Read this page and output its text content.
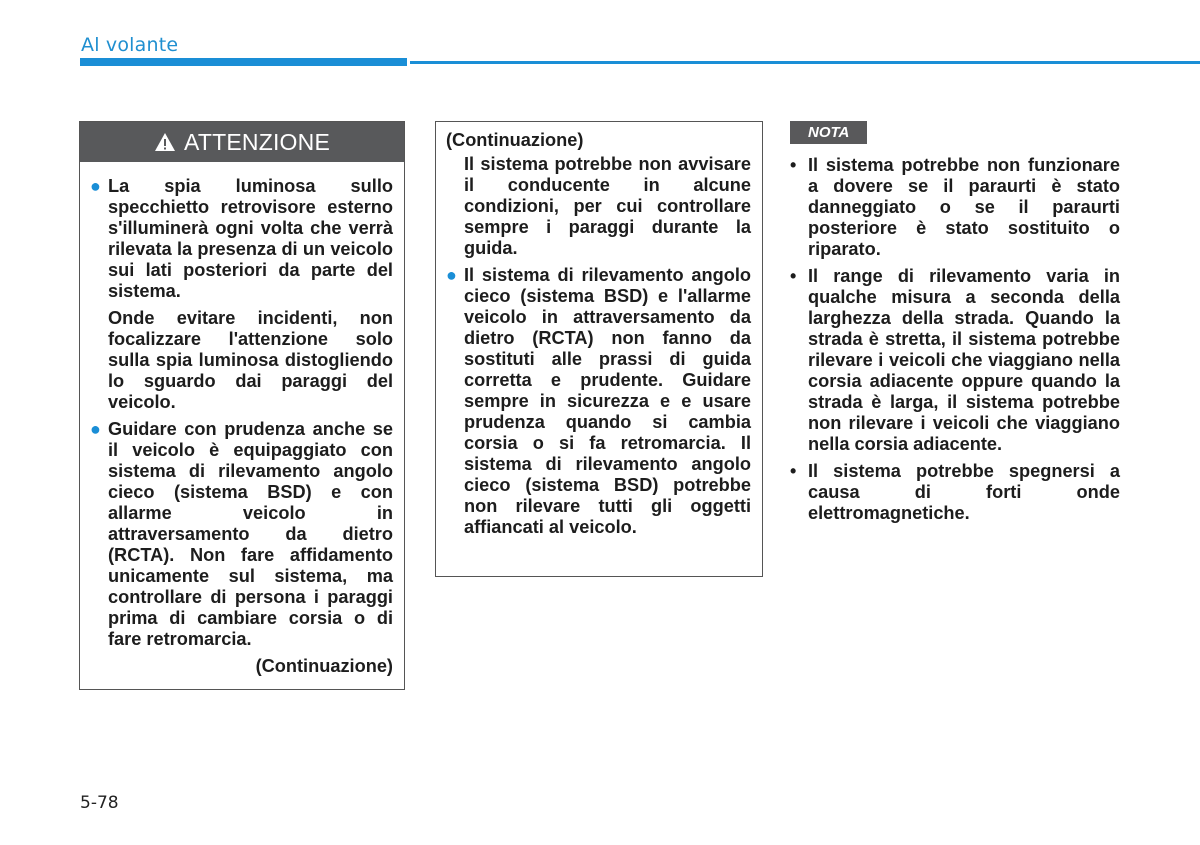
Al volante
ATTENZIONE
● La spia luminosa sullo specchietto retrovisore esterno s'illuminerà ogni volta che verrà rilevata la presenza di un veicolo sui lati posteriori da parte del sistema.
Onde evitare incidenti, non focalizzare l'attenzione solo sulla spia luminosa distogliendo lo sguardo dai paraggi del veicolo.
● Guidare con prudenza anche se il veicolo è equipaggiato con sistema di rilevamento angolo cieco (sistema BSD) e con allarme veicolo in attraversamento da dietro (RCTA). Non fare affidamento unicamente sul sistema, ma controllare di persona i paraggi prima di cambiare corsia o di fare retromarcia.
(Continuazione)
(Continuazione)
Il sistema potrebbe non avvisare il conducente in alcune condizioni, per cui controllare sempre i paraggi durante la guida.
● Il sistema di rilevamento angolo cieco (sistema BSD) e l'allarme veicolo in attraversamento da dietro (RCTA) non fanno da sostituti alle prassi di guida corretta e prudente. Guidare sempre in sicurezza e e usare prudenza quando si cambia corsia o si fa retromarcia. Il sistema di rilevamento angolo cieco (sistema BSD) potrebbe non rilevare tutti gli oggetti affiancati al veicolo.
NOTA
• Il sistema potrebbe non funzionare a dovere se il paraurti è stato danneggiato o se il paraurti posteriore è stato sostituito o riparato.
• Il range di rilevamento varia in qualche misura a seconda della larghezza della strada. Quando la strada è stretta, il sistema potrebbe rilevare i veicoli che viaggiano nella corsia adiacente oppure quando la strada è larga, il sistema potrebbe non rilevare i veicoli che viaggiano nella corsia adiacente.
• Il sistema potrebbe spegnersi a causa di forti onde elettromagnetiche.
5-78
